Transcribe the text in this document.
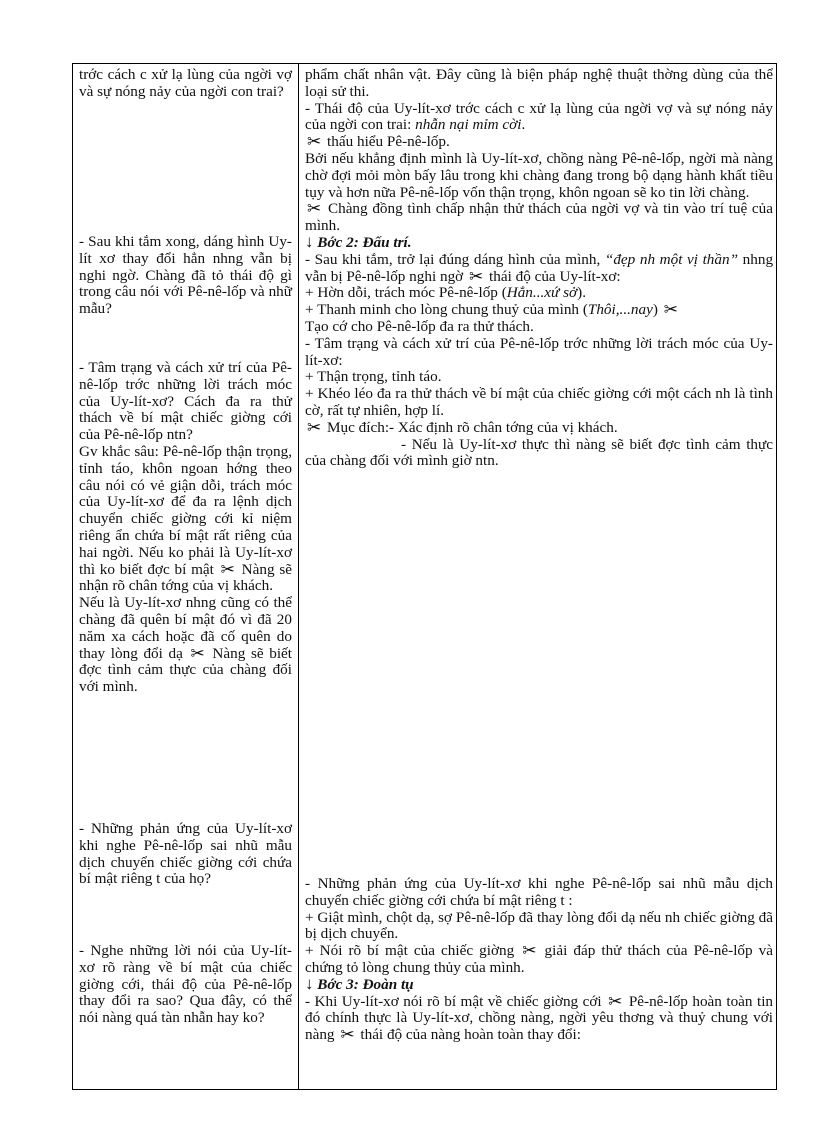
trớc cách c xử lạ lùng của ngời vợ và sự nóng nảy của ngời con trai?

- Sau khi tắm xong, dáng hình Uy-lít xơ thay đổi hẳn nhng vẫn bị nghi ngờ. Chàng đã tỏ thái độ gì trong câu nói với Pê-nê-lốp và nhữ mẫu?

- Tâm trạng và cách xử trí của Pê-nê-lốp trớc những lời trách móc của Uy-lít-xơ? Cách đa ra thử thách về bí mật chiếc giờng cới của Pê-nê-lốp ntn?

Gv khắc sâu: Pê-nê-lốp thận trọng, tỉnh táo, khôn ngoan hớng theo câu nói có vẻ giận dỗi, trách móc của Uy-lít-xơ để đa ra lệnh dịch chuyển chiếc giờng cới kỉ niệm riêng ẩn chứa bí mật rất riêng của hai ngời. Nếu ko phải là Uy-lít-xơ thì ko biết đợc bí mật ✂ Nàng sẽ nhận rõ chân tớng của vị khách.
Nếu là Uy-lít-xơ nhng cũng có thể chàng đã quên bí mật đó vì đã 20 năm xa cách hoặc đã cố quên do thay lòng đổi dạ ✂ Nàng sẽ biết đợc tình cảm thực của chàng đối với mình.

- Những phản ứng của Uy-lít-xơ khi nghe Pê-nê-lốp sai nhũ mẫu dịch chuyển chiếc giờng cới chứa bí mật riêng t của họ?

- Nghe những lời nói của Uy-lít-xơ rõ ràng về bí mật của chiếc giờng cới, thái độ của Pê-nê-lốp thay đổi ra sao? Qua đây, có thể nói nàng quá tàn nhẫn hay ko?

phẩm chất nhân vật. Đây cũng là biện pháp nghệ thuật thờng dùng của thể loại sử thi.

- Thái độ của Uy-lít-xơ trớc cách c xử lạ lùng của ngời vợ và sự nóng nảy của ngời con trai: nhẫn nại mỉm cời.

✂ thấu hiểu Pê-nê-lốp.

Bởi nếu khẳng định mình là Uy-lít-xơ, chồng nàng Pê-nê-lốp, ngời mà nàng chờ đợi mỏi mòn bấy lâu trong khi chàng đang trong bộ dạng hành khất tiều tụy và hơn nữa Pê-nê-lốp vốn thận trọng, khôn ngoan sẽ ko tin lời chàng.

✂ Chàng đồng tình chấp nhận thử thách của ngời vợ và tin vào trí tuệ của mình.

↓ Bớc 2: Đấu trí.

- Sau khi tắm, trở lại đúng dáng hình của mình, “đẹp nh một vị thần” nhng vẫn bị Pê-nê-lốp nghi ngờ ✂ thái độ của Uy-lít-xơ:

+ Hờn dỗi, trách móc Pê-nê-lốp (Hẳn...xứ sở).

+ Thanh minh cho lòng chung thuỷ của mình (Thôi,...nay) ✂

Tạo cớ cho Pê-nê-lốp đa ra thử thách.

- Tâm trạng và cách xử trí của Pê-nê-lốp trớc những lời trách móc của Uy-lít-xơ:

+ Thận trọng, tỉnh táo.

+ Khéo léo đa ra thử thách về bí mật của chiếc giờng cới một cách nh là tình cờ, rất tự nhiên, hợp lí.

✂ Mục đích:- Xác định rõ chân tớng của vị khách.

- Nếu là Uy-lít-xơ thực thì nàng sẽ biết đợc tình cảm thực của chàng đối với mình giờ ntn.

- Những phản ứng của Uy-lít-xơ khi nghe Pê-nê-lốp sai nhũ mẫu dịch chuyển chiếc giờng cới chứa bí mật riêng t :

+ Giật mình, chột dạ, sợ Pê-nê-lốp đã thay lòng đổi dạ nếu nh chiếc giờng đã bị dịch chuyển.

+ Nói rõ bí mật của chiếc giờng ✂ giải đáp thử thách của Pê-nê-lốp và chứng tỏ lòng chung thủy của mình.

↓ Bớc 3: Đoàn tụ

- Khi Uy-lít-xơ nói rõ bí mật về chiếc giờng cới ✂ Pê-nê-lốp hoàn toàn tin đó chính thực là Uy-lít-xơ, chồng nàng, ngời yêu thơng và thuỷ chung với nàng ✂ thái độ của nàng hoàn toàn thay đổi:
